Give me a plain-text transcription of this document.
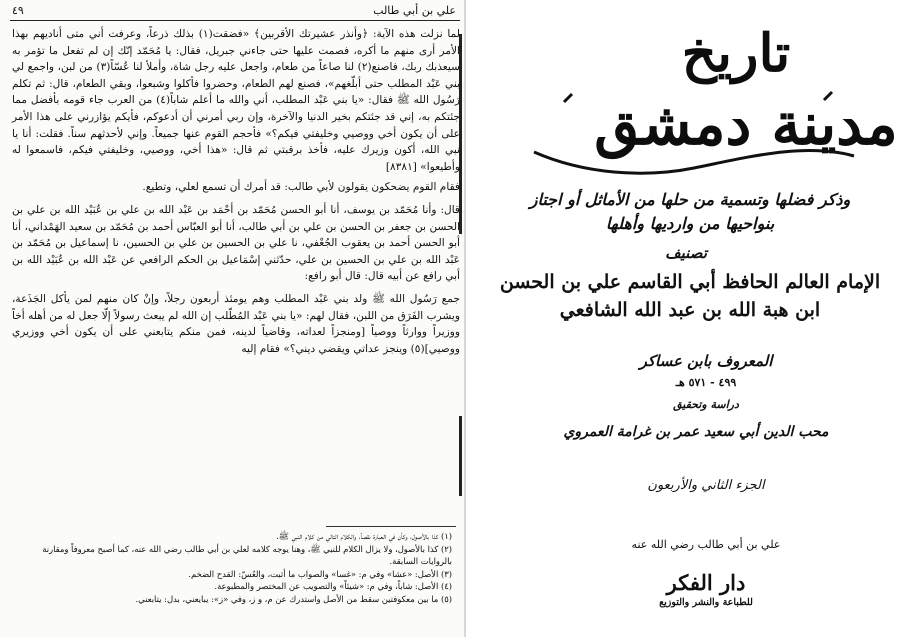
٤٩	علي بن أبي طالب

لما نزلت هذه الآية: ﴿وأنذر عشيرتك الأقربين﴾ «فضقت(١) بذلك ذرعاً، وعرفت أني متى أناديهم بهذا الأمر أرى منهم ما أكره، فصمت عليها حتى جاءني جبريل، فقال: يا مُحَمّد إنّك إن لم تفعل ما تؤمر به سيعذبك ربك، فاصنع(٢) لنا صاعاً من طعام، واجعل عليه رجل شاة، وأملأ لنا عُسّاً(٣) من لبن، واجمع لي بني عَبْد المطلب حتى أبلّغهم»، فصنع لهم الطعام، وحضروا فأكلوا وشبعوا، وبقي الطعام، قال: ثم تكلم رَسُول الله ﷺ فقال: «يا بني عَبْد المطلب، أني والله ما أعلم شاباً(٤) من العرب جاء قومه بأفضل مما جئتكم به، إني قد جئتكم بخير الدنيا والآخرة، وإن ربي أمرني أن أدعوكم، فأيكم يؤازرني على هذا الأمر على أن يكون أخي ووصيي وخليفتي فيكم؟» فأحجم القوم عنها جميعاً. وإني لأحدثهم سناً. فقلت: أنا يا نبي الله، أكون وزيرك عليه، فأخذ برقبتي ثم قال: «هذا أخي، ووصيي، وخليفتي فيكم، فاسمعوا له وأطيعوا» [٨٣٨١]

فقام القوم يضحكون يقولون لأبي طالب: قد أمرك أن تسمع لعلي، وتطيع.

قال: وأنا مُحَمّد بن يوسف، أنا أبو الحسن مُحَمّد بن أحْمَد بن عَبْد الله بن علي بن عُبَيْد الله بن علي بن الحسن بن جعفر بن الحسن بن علي بن أبي طالب، أنا أبو العبّاس أحمد بن مُحَمّد بن سعيد الهَمْداني، أنا أبو الحسن أحمد بن يعقوب الجُعْفي، نا علي بن الحسين بن علي بن الحسين، نا إسماعيل بن مُحَمّد بن عَبْد الله بن علي بن الحسين بن علي، حدّثني إسْمَاعيل بن الحكم الرافعي عن عَبْد الله بن عُبَيْد الله بن أبي رافع عن أبيه قال: قال أبو رافع:

جمع رَسُول الله ﷺ ولد بني عَبْد المطلب وهم يومئذ أربعون رجلاً، وإنْ كان منهم لمن يأكل الجَذَعة، ويشرب الفَرَق من اللبن، فقال لهم: «يا بني عَبْد المُطّلب إن الله لم يبعث رسولاً إلّا جعل له من أهله أخاً ووزيراً ووارثاً ووصياً [ومنجزاً لعداته، وقاضياً لدينه، فمن منكم يتابعني على أن يكون أخي ووزيري ووصيي](٥) وينجز عداتي ويقضي ديني؟» فقام إليه

(١) كذا بالأصول، وكأن في العبارة نقصاً، والكلام التالي من كلام النبي ﷺ.
(٢) كذا بالأصول، ولا يزال الكلام للنبي ﷺ، وهنا يوجه كلامه لعلي بن أبي طالب رضي الله عنه، كما أصبح معروفاً ومقارنة بالروايات السابقة.
(٣) الأصل: «عشا» وفي م: «غسا» والصواب ما أثبت، والعُسّ: القدح الضخم.
(٤) الأصل: شاباً، وفي م: «شيئاً» والتصويب عن المختصر والمطبوعة.
(٥) ما بين معكوفتين سقط من الأصل واستدرك عن م، و ز، وفي «ز»: يبايعني، بدل: يتابعني.
تاريخ
مدينة دمشق
وذكر فضلها وتسمية من حلها من الأماثل أو اجتاز
بنواحيها من وارديها وأهلها
تصنيف
الإمام العالم الحافظ أبي القاسم علي بن الحسن
ابن هبة الله بن عبد الله الشافعي
المعروف بابن عساكر
٤٩٩ - ٥٧١ هـ
دراسة وتحقيق
محب الدين أبي سعيد عمر بن غرامة العمروي
الجزء الثاني والأربعون
علي بن أبي طالب رضي الله عنه
دار الفكر
للطباعة والنشر والتوزيع
